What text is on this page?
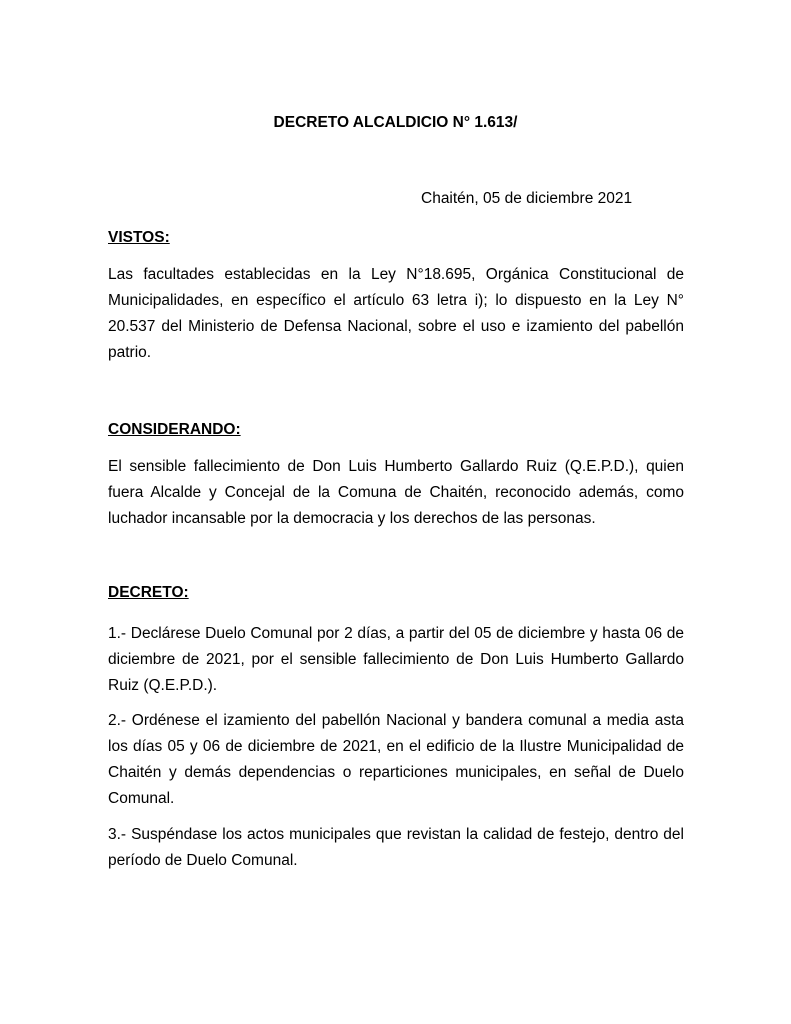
DECRETO ALCALDICIO N° 1.613/
Chaitén, 05 de diciembre 2021
VISTOS:

Las facultades establecidas en la Ley N°18.695, Orgánica Constitucional de Municipalidades, en específico el artículo 63 letra i); lo dispuesto en la Ley N° 20.537 del Ministerio de Defensa Nacional, sobre el uso e izamiento del pabellón patrio.

CONSIDERANDO:

El sensible fallecimiento de Don Luis Humberto Gallardo Ruiz (Q.E.P.D.), quien fuera Alcalde y Concejal de la Comuna de Chaitén, reconocido además, como luchador incansable por la democracia y los derechos de las personas.

DECRETO:

1.- Declárese Duelo Comunal por 2 días, a partir del 05 de diciembre y hasta 06 de diciembre de 2021, por el sensible fallecimiento de Don Luis Humberto Gallardo Ruiz (Q.E.P.D.).

2.- Ordénese el izamiento del pabellón Nacional y bandera comunal a media asta los días 05 y 06 de diciembre de 2021, en el edificio de la Ilustre Municipalidad de Chaitén y demás dependencias o reparticiones municipales, en señal de Duelo Comunal.

3.- Suspéndase los actos municipales que revistan la calidad de festejo, dentro del período de Duelo Comunal.
